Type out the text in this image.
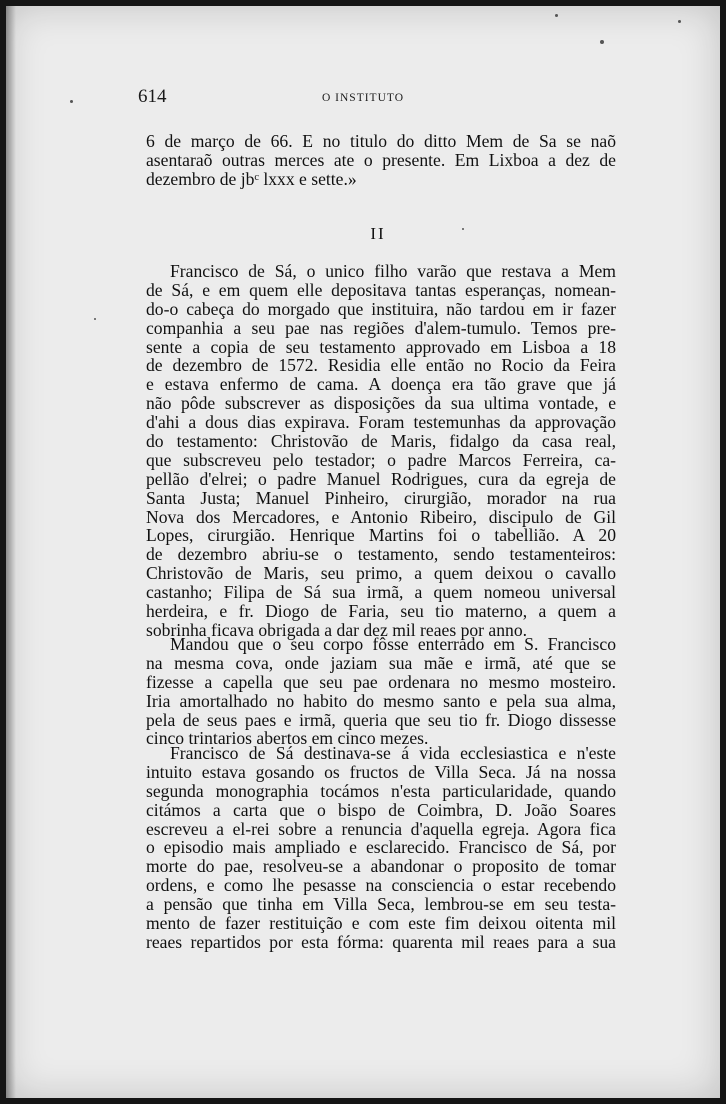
614	O INSTITUTO
6 de março de 66. E no titulo do ditto Mem de Sa se naõ
asentaraõ outras merces ate o presente. Em Lixboa a dez de
dezembro de jbᶜ lxxx e sette.»
II
Francisco de Sá, o unico filho varão que restava a Mem
de Sá, e em quem elle depositava tantas esperanças, nomean-
do-o cabeça do morgado que instituira, não tardou em ir fazer
companhia a seu pae nas regiões d'alem-tumulo. Temos pre-
sente a copia de seu testamento approvado em Lisboa a 18
de dezembro de 1572. Residia elle então no Rocio da Feira
e estava enfermo de cama. A doença era tão grave que já
não pôde subscrever as disposições da sua ultima vontade, e
d'ahi a dous dias expirava. Foram testemunhas da approvação
do testamento: Christovão de Maris, fidalgo da casa real,
que subscreveu pelo testador; o padre Marcos Ferreira, ca-
pellão d'elrei; o padre Manuel Rodrigues, cura da egreja de
Santa Justa; Manuel Pinheiro, cirurgião, morador na rua
Nova dos Mercadores, e Antonio Ribeiro, discipulo de Gil
Lopes, cirurgião. Henrique Martins foi o tabellião. A 20
de dezembro abriu-se o testamento, sendo testamenteiros:
Christovão de Maris, seu primo, a quem deixou o cavallo
castanho; Filipa de Sá sua irmã, a quem nomeou universal
herdeira, e fr. Diogo de Faria, seu tio materno, a quem a
sobrinha ficava obrigada a dar dez mil reaes por anno.
Mandou que o seu corpo fôsse enterrado em S. Francisco
na mesma cova, onde jaziam sua mãe e irmã, até que se
fizesse a capella que seu pae ordenara no mesmo mosteiro.
Iria amortalhado no habito do mesmo santo e pela sua alma,
pela de seus paes e irmã, queria que seu tio fr. Diogo dissesse
cinco trintarios abertos em cinco mezes.
Francisco de Sá destinava-se á vida ecclesiastica e n'este
intuito estava gosando os fructos de Villa Seca. Já na nossa
segunda monographia tocámos n'esta particularidade, quando
citámos a carta que o bispo de Coimbra, D. João Soares
escreveu a el-rei sobre a renuncia d'aquella egreja. Agora fica
o episodio mais ampliado e esclarecido. Francisco de Sá, por
morte do pae, resolveu-se a abandonar o proposito de tomar
ordens, e como lhe pesasse na consciencia o estar recebendo
a pensão que tinha em Villa Seca, lembrou-se em seu testa-
mento de fazer restituição e com este fim deixou oitenta mil
reaes repartidos por esta fórma: quarenta mil reaes para a sua
